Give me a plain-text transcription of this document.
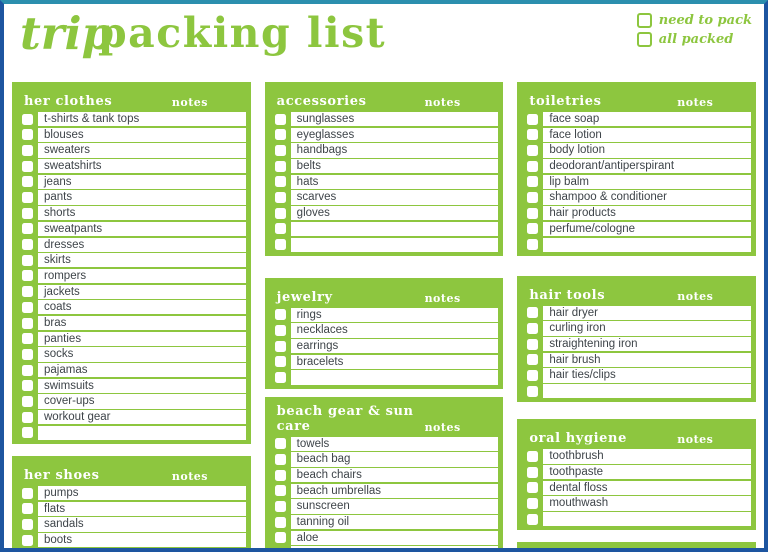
trip
packing list	need to pack
all packed
her clothes	notes
t-shirts & tank tops
blouses
sweaters
sweatshirts
jeans
pants
shorts
sweatpants
dresses
skirts
rompers
jackets
coats
bras
panties
socks
pajamas
swimsuits
cover-ups
workout gear
her shoes	notes
pumps
flats
sandals
boots
accessories	notes
sunglasses
eyeglasses
handbags
belts
hats
scarves
gloves
jewelry	notes
rings
necklaces
earrings
bracelets
beach gear & sun care	notes
towels
beach bag
beach chairs
beach umbrellas
sunscreen
tanning oil
aloe
toiletries	notes
face soap
face lotion
body lotion
deodorant/antiperspirant
lip balm
shampoo & conditioner
hair products
perfume/cologne
hair tools	notes
hair dryer
curling iron
straightening iron
hair brush
hair ties/clips
oral hygiene	notes
toothbrush
toothpaste
dental floss
mouthwash
